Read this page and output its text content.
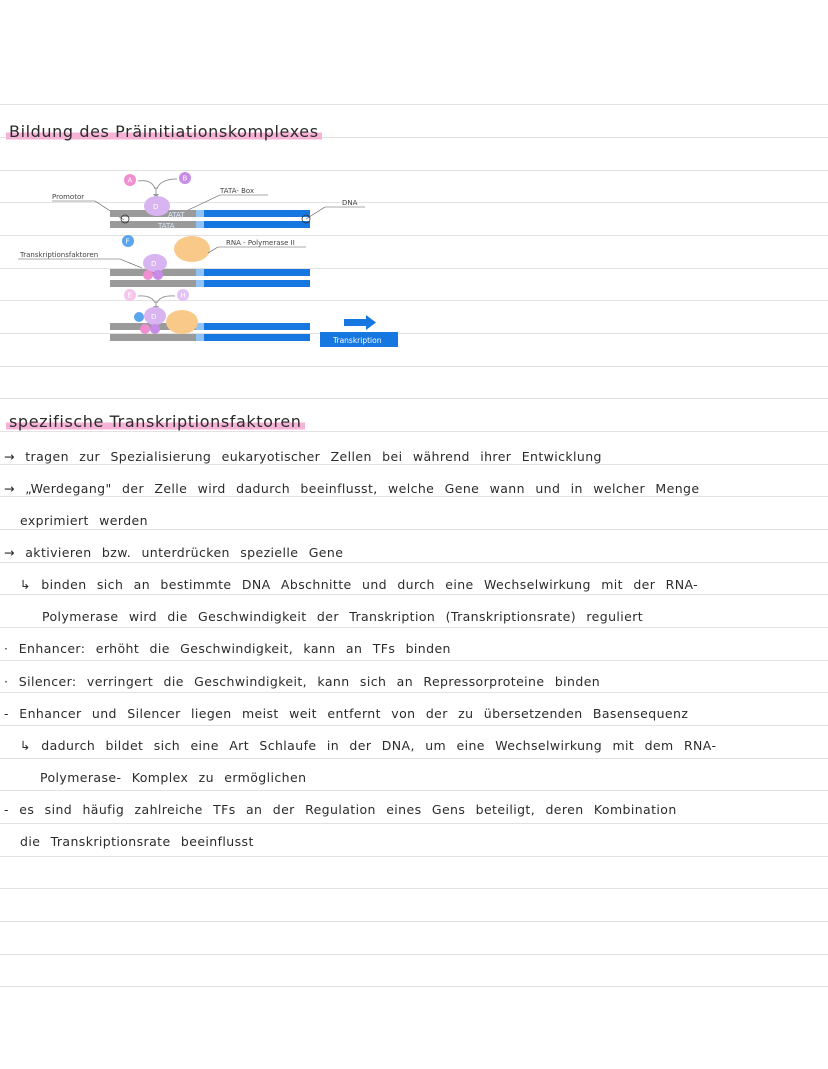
Bildung des Präinitiationskomplexes
A	B
Promotor
TATA- Box
DNA
ATAT
TATA
D
F	RNA - Polymerase II
Transkriptionsfaktoren
D
E	H
D
Transkription
spezifische Transkriptionsfaktoren
→ tragen zur Spezialisierung eukaryotischer Zellen bei während ihrer Entwicklung
→ „Werdegang" der Zelle wird dadurch beeinflusst, welche Gene wann und in welcher Menge
exprimiert werden
→ aktivieren bzw. unterdrücken spezielle Gene
↳ binden sich an bestimmte DNA Abschnitte und durch eine Wechselwirkung mit der RNA-
Polymerase wird die Geschwindigkeit der Transkription (Transkriptionsrate) reguliert
· Enhancer: erhöht die Geschwindigkeit, kann an TFs binden
· Silencer: verringert die Geschwindigkeit, kann sich an Repressorproteine binden
- Enhancer und Silencer liegen meist weit entfernt von der zu übersetzenden Basensequenz
↳ dadurch bildet sich eine Art Schlaufe in der DNA, um eine Wechselwirkung mit dem RNA-
Polymerase- Komplex zu ermöglichen
- es sind häufig zahlreiche TFs an der Regulation eines Gens beteiligt, deren Kombination
die Transkriptionsrate beeinflusst
